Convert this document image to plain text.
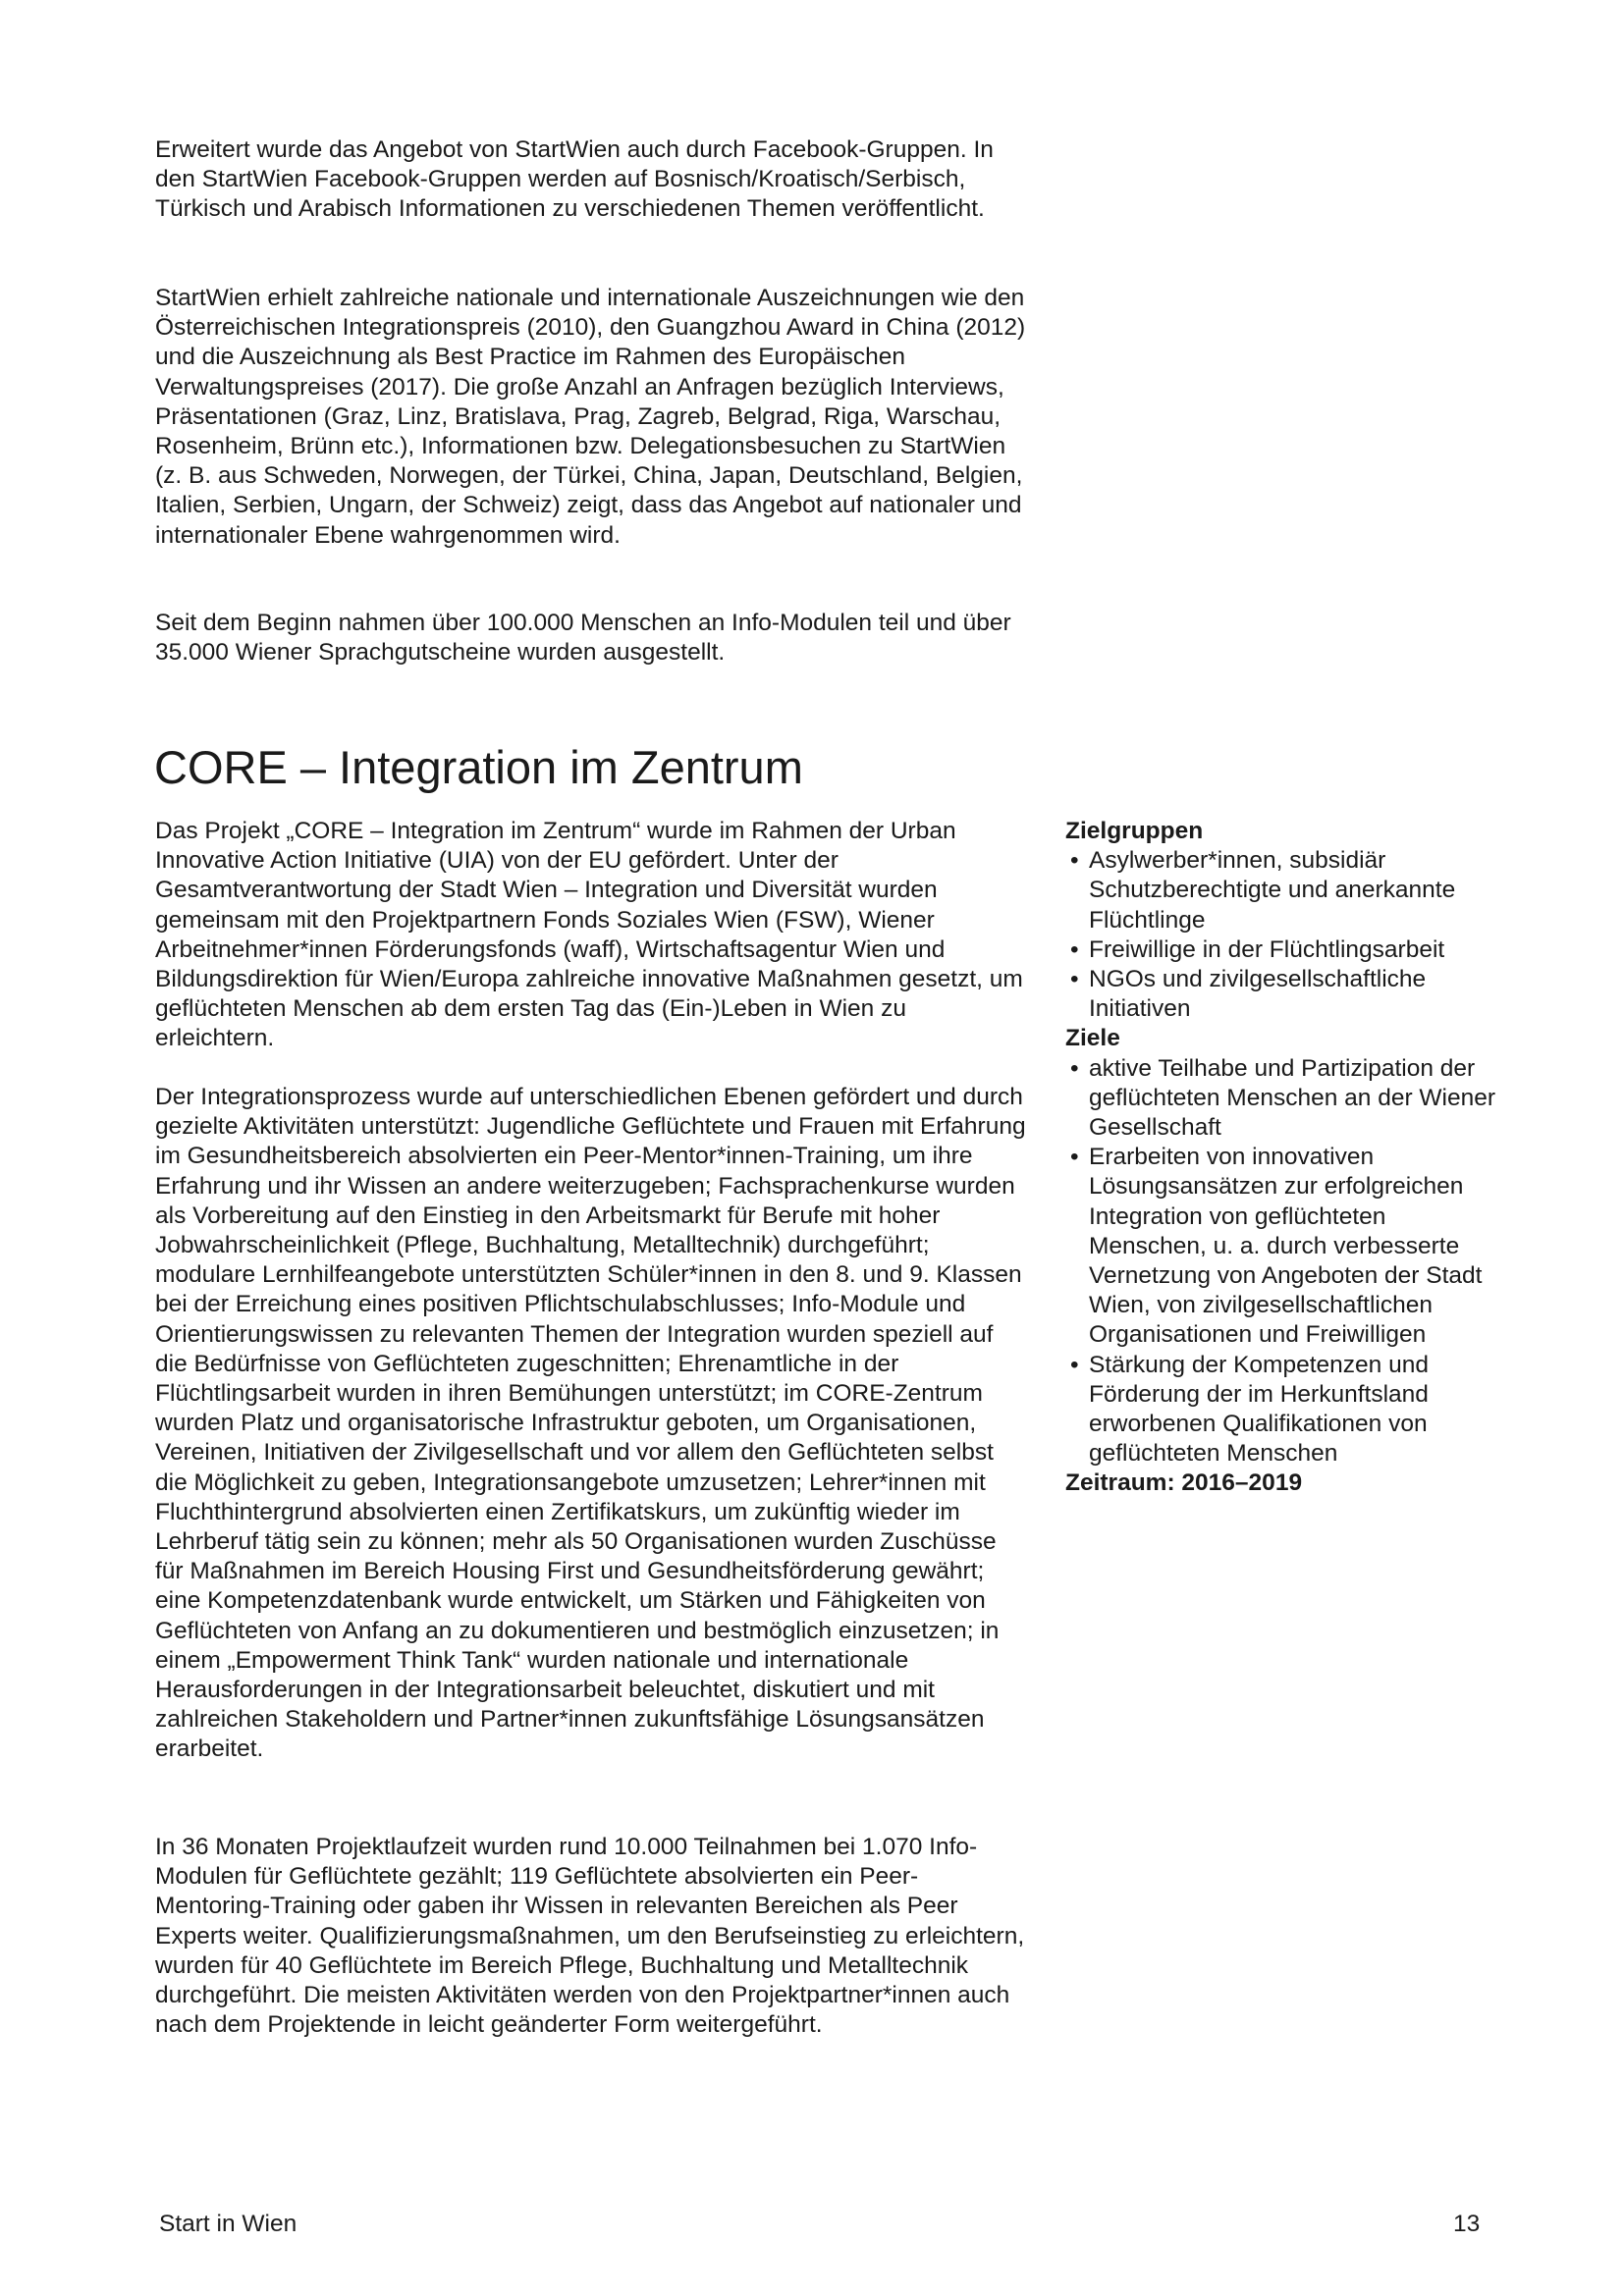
Erweitert wurde das Angebot von StartWien auch durch Facebook-Gruppen. In den StartWien Facebook-Gruppen werden auf Bosnisch/Kroatisch/Serbisch, Türkisch und Arabisch Informationen zu verschiedenen Themen veröffentlicht.

StartWien erhielt zahlreiche nationale und internationale Auszeichnungen wie den Österreichischen Integrationspreis (2010), den Guangzhou Award in China (2012) und die Auszeichnung als Best Practice im Rahmen des Europäischen Verwaltungspreises (2017). Die große Anzahl an Anfragen bezüglich Interviews, Präsentationen (Graz, Linz, Bratislava, Prag, Zagreb, Belgrad, Riga, Warschau, Rosenheim, Brünn etc.), Informationen bzw. Delegationsbesuchen zu StartWien (z. B. aus Schweden, Norwegen, der Türkei, China, Japan, Deutschland, Belgien, Italien, Serbien, Ungarn, der Schweiz) zeigt, dass das Angebot auf nationaler und internationaler Ebene wahrgenommen wird.

Seit dem Beginn nahmen über 100.000 Menschen an Info-Modulen teil und über 35.000 Wiener Sprachgutscheine wurden ausgestellt.

CORE – Integration im Zentrum

Das Projekt „CORE – Integration im Zentrum“ wurde im Rahmen der Urban Innovative Action Initiative (UIA) von der EU gefördert. Unter der Gesamtverantwortung der Stadt Wien – Integration und Diversität wurden gemeinsam mit den Projektpartnern Fonds Soziales Wien (FSW), Wiener Arbeitnehmer*innen Förderungsfonds (waff), Wirtschaftsagentur Wien und Bildungsdirektion für Wien/Europa zahlreiche innovative Maßnahmen gesetzt, um geflüchteten Menschen ab dem ersten Tag das (Ein-)Leben in Wien zu erleichtern.

Der Integrationsprozess wurde auf unterschiedlichen Ebenen gefördert und durch gezielte Aktivitäten unterstützt: Jugendliche Geflüchtete und Frauen mit Erfahrung im Gesundheitsbereich absolvierten ein Peer-Mentor*innen-Training, um ihre Erfahrung und ihr Wissen an andere weiterzugeben; Fachsprachenkurse wurden als Vorbereitung auf den Einstieg in den Arbeitsmarkt für Berufe mit hoher Jobwahrscheinlichkeit (Pflege, Buchhaltung, Metalltechnik) durchgeführt; modulare Lernhilfeangebote unterstützten Schüler*innen in den 8. und 9. Klassen bei der Erreichung eines positiven Pflichtschulabschlusses; Info-Module und Orientierungswissen zu relevanten Themen der Integration wurden speziell auf die Bedürfnisse von Geflüchteten zugeschnitten; Ehrenamtliche in der Flüchtlingsarbeit wurden in ihren Bemühungen unterstützt; im CORE-Zentrum wurden Platz und organisatorische Infrastruktur geboten, um Organisationen, Vereinen, Initiativen der Zivilgesellschaft und vor allem den Geflüchteten selbst die Möglichkeit zu geben, Integrationsangebote umzusetzen; Lehrer*innen mit Fluchthintergrund absolvierten einen Zertifikatskurs, um zukünftig wieder im Lehrberuf tätig sein zu können; mehr als 50 Organisationen wurden Zuschüsse für Maßnahmen im Bereich Housing First und Gesundheitsförderung gewährt; eine Kompetenzdatenbank wurde entwickelt, um Stärken und Fähigkeiten von Geflüchteten von Anfang an zu dokumentieren und bestmöglich einzusetzen; in einem „Empowerment Think Tank“ wurden nationale und internationale Herausforderungen in der Integrationsarbeit beleuchtet, diskutiert und mit zahlreichen Stakeholdern und Partner*innen zukunftsfähige Lösungsansätzen erarbeitet.

In 36 Monaten Projektlaufzeit wurden rund 10.000 Teilnahmen bei 1.070 Info-Modulen für Geflüchtete gezählt; 119 Geflüchtete absolvierten ein Peer-Mentoring-Training oder gaben ihr Wissen in relevanten Bereichen als Peer Experts weiter. Qualifizierungsmaßnahmen, um den Berufseinstieg zu erleichtern, wurden für 40 Geflüchtete im Bereich Pflege, Buchhaltung und Metalltechnik durchgeführt. Die meisten Aktivitäten werden von den Projektpartner*innen auch nach dem Projektende in leicht geänderter Form weitergeführt.

Zielgruppen

• Asylwerber*innen, subsidiär Schutzberechtigte und anerkannte Flüchtlinge
• Freiwillige in der Flüchtlingsarbeit
• NGOs und zivilgesellschaftliche Initiativen

Ziele

• aktive Teilhabe und Partizipation der geflüchteten Menschen an der Wiener Gesellschaft
• Erarbeiten von innovativen Lösungsansätzen zur erfolgreichen Integration von geflüchteten Menschen, u. a. durch verbesserte Vernetzung von Angeboten der Stadt Wien, von zivilgesellschaftlichen Organisationen und Freiwilligen
• Stärkung der Kompetenzen und Förderung der im Herkunftsland erworbenen Qualifikationen von geflüchteten Menschen

Zeitraum: 2016–2019

Start in Wien	13
